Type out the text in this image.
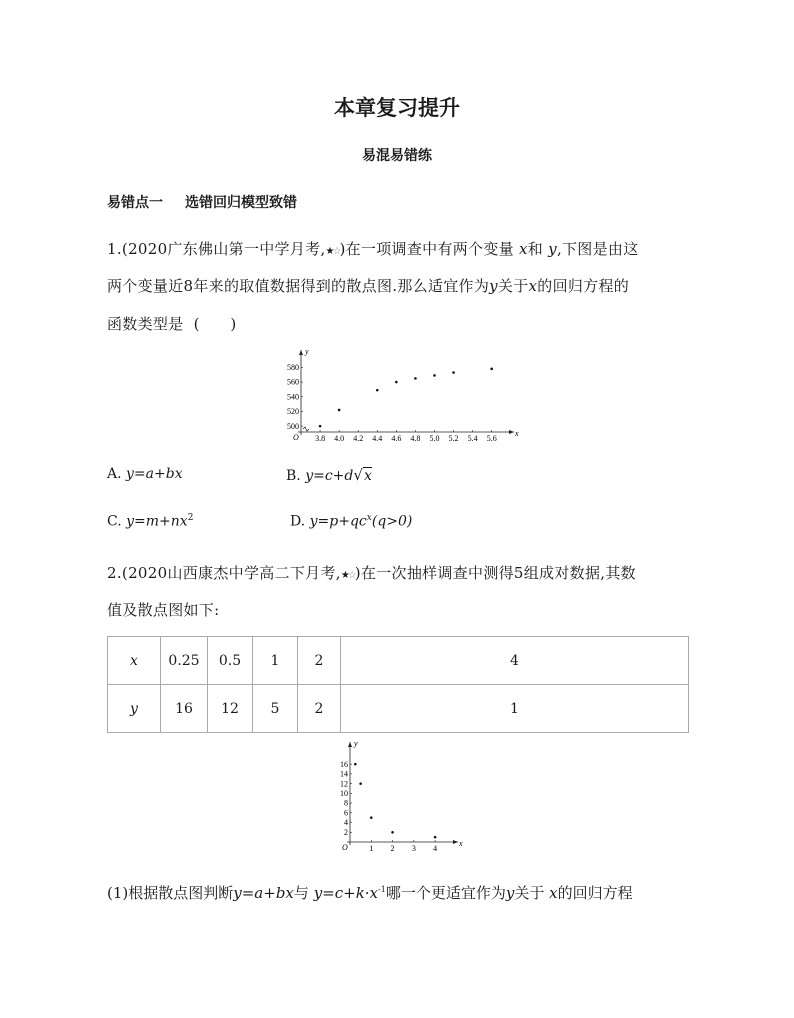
本章复习提升
易混易错练
易错点一 选错回归模型致错
1.(2020广东佛山第一中学月考,★☆)在一项调查中有两个变量 x和 y,下图是由这
两个变量近8年来的取值数据得到的散点图.那么适宜作为y关于x的回归方程的
函数类型是 (　　)
x
y
O 3.8 4.0 4.2 4.4 4.6 4.8 5.0 5.2 5.4 5.6
500
520
540
560
580
A. y=a+bx	B. y=c+d√x
C. $y=m+nx^2$	D. $y=p+qc^x(q>0)$
2.(2020山西康杰中学高二下月考,★☆)在一次抽样调查中测得5组成对数据,其数
值及散点图如下:
x	0.25	0.5	1	2	4
y	16	12	5	2	1
x
y
O	1 2 3 4
2
4
6
8
10
12
14
16
(1)根据散点图判断y=a+bx与 $y=c+k\cdot x^{-1}$哪一个更适宜作为y关于 x的回归方程
